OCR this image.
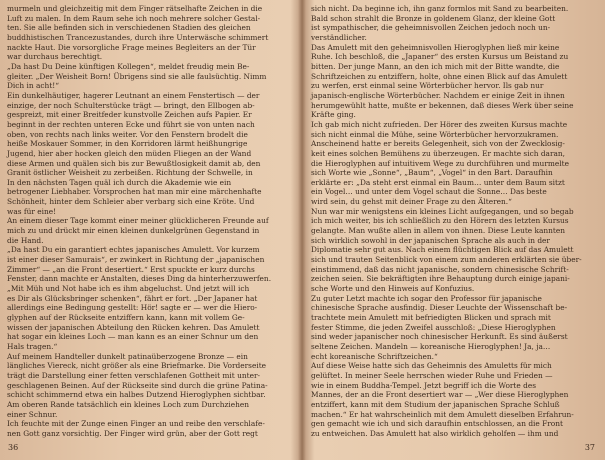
murmeln und gleichzeitig mit dem Finger rätselhafte Zeichen in die
Luft zu malen. In dem Raum sehe ich noch mehrere solcher Gestal-
ten. Sie alle befinden sich in verschiedenen Stadien des gleichen
buddhistischen Trancezustandes, durch ihre Unterwäsche schimmert
nackte Haut. Die vorsorgliche Frage meines Begleiters an der Tür
war durchaus berechtigt.
„Da hast Du Deine künftigen Kollegen“, meldet freudig mein Be-
gleiter. „Der Weisheit Born! Übrigens sind sie alle faulsüchtig. Nimm
Dich in acht!“
Ein dunkelhäutiger, hagerer Leutnant an einem Fenstertisch — der
einzige, der noch Schulterstücke trägt — bringt, den Ellbogen ab-
gespreizt, mit einer Breitfeder kunstvolle Zeichen aufs Papier. Er
beginnt in der rechten unteren Ecke und führt sie von unten nach
oben, von rechts nach links weiter. Vor den Fenstern brodelt die
heiße Moskauer Sommer, in den Korridoren lärmt heißhungrige
Jugend, hier aber hocken gleich den müden Fliegen an der Wand
diese Armen und quälen sich bis zur Bewußtlosigkeit damit ab, den
Granit östlicher Weisheit zu zerbeißen. Richtung der Schwelle, in
In den nächsten Tagen quäl ich durch die Akademie wie ein
betrogener Liebhaber. Vorsprochen hat man mir eine märchenhafte
Schönheit, hinter dem Schleier aber verbarg sich eine Kröte. Und
was für eine!
An einem dieser Tage kommt einer meiner glücklicheren Freunde auf
mich zu und drückt mir einen kleinen dunkelgrünen Gegenstand in
die Hand.
„Da hast Du ein garantiert echtes japanisches Amulett. Vor kurzem
ist einer dieser Samurais“, er zwinkert in Richtung der „japanischen
Zimmer“ — „an die Front desertiert.“ Erst spuckte er kurz durchs
Fenster, dann machte er Anstalten, dieses Ding da hinterherzuwerfen.
„Mit Müh und Not habe ich es ihm abgeluchst. Und jetzt will ich
es Dir als Glücksbringer schenken“, fährt er fort. „Der Japaner hat
allerdings eine Bedingung gestellt: Hör! sagte er — wer die Hiero-
glyphen auf der Rückseite entziffern kann, kann mit vollem Ge-
wissen der japanischen Abteilung den Rücken kehren. Das Amulett
hat sogar ein kleines Loch — man kann es an einer Schnur um den
Hals tragen.“
Auf meinem Handteller dunkelt patinaüberzogene Bronze — ein
längliches Viereck, nicht größer als eine Briefmarke. Die Vorderseite
trägt die Darstellung einer fetten verschlafenen Gottheit mit unter-
geschlagenen Beinen. Auf der Rückseite sind durch die grüne Patina-
schicht schimmernd etwa ein halbes Dutzend Hieroglyphen sichtbar.
Am oberen Rande tatsächlich ein kleines Loch zum Durchziehen
einer Schnur.
Ich feuchte mit der Zunge einen Finger an und reibe den verschlafe-
nen Gott ganz vorsichtig. Der Finger wird grün, aber der Gott regt
36
sich nicht. Da beginne ich, ihn ganz formlos mit Sand zu bearbeiten.
Bald schon strahlt die Bronze in goldenem Glanz, der kleine Gott
ist sympathischer, die geheimnisvollen Zeichen jedoch noch un-
verständlicher.
Das Amulett mit den geheimnisvollen Hieroglyphen ließ mir keine
Ruhe. Ich beschloß, die „Japaner“ des ersten Kursus um Beistand zu
bitten. Der junge Mann, an den ich mich mit der Bitte wandte, die
Schriftzeichen zu entziffern, holte, ohne einen Blick auf das Amulett
zu werfen, erst einmal seine Wörterbücher hervor. Ils gab nur
japanisch-englische Wörterbücher. Nachdem er einige Zeit in ihnen
herumgewühlt hatte, mußte er bekennen, daß dieses Werk über seine
Kräfte ging.
Ich gab mich nicht zufrieden. Der Hörer des zweiten Kursus machte
sich nicht einmal die Mühe, seine Wörterbücher hervorzukramen.
Anscheinend hatte er bereits Gelegenheit, sich von der Zwecklosig-
keit eines solchen Bemühens zu überzeugen. Er machte sich daran,
die Hieroglyphen auf intuitivem Wege zu durchführen und murmelte
sich Worte wie „Sonne“, „Baum“, „Vogel“ in den Bart. Daraufhin
erklärte er: „Da steht erst einmal ein Baum… unter dem Baum sitzt
ein Vogel… und unter dem Vogel schaut die Sonne… Das beste
wird sein, du gehst mit deiner Frage zu den Älteren.“
Nun war mir wenigstens ein kleines Licht aufgegangen, und so begab
ich mich weiter, bis ich schließlich zu den Hörern des letzten Kursus
gelangte. Man wußte allen in allem von ihnen. Diese Leute kannten
sich wirklich sowohl in der japanischen Sprache als auch in der
Diplomatie sehr gut aus. Nach einem flüchtigen Blick auf das Amulett
sich und trauten Seitenblick von einem zum anderen erklärten sie über-
einstimmend, daß das nicht japanische, sondern chinesische Schrift-
zeichen seien. Sie bekräftigten ihre Behauptung durch einige japani-
sche Worte und den Hinweis auf Konfuzius.
Zu guter Letzt machte ich sogar den Professor für japanische
chinesische Sprache ausfindig. Dieser Leuchte der Wissenschaft be-
trachtete mein Amulett mit befriedigten Blicken und sprach mit
fester Stimme, die jeden Zweifel ausschloß: „Diese Hieroglyphen
sind weder japanischer noch chinesischer Herkunft. Es sind äußerst
seltene Zeichen. Mandeln — koreanische Hieroglyphen! Ja, ja…
echt koreanische Schriftzeichen.“
Auf diese Weise hatte sich das Geheimnis des Amuletts für mich
gelüftet. In meiner Seele herrschen wieder Ruhe und Frieden —
wie in einem Buddha-Tempel. Jetzt begriff ich die Worte des
Mannes, der an die Front desertiert war — „Wer diese Hieroglyphen
entziffert, kann mit dem Studium der japanischen Sprache Schluß
machen.“ Er hat wahrscheinlich mit dem Amulett dieselben Erfahrun-
gen gemacht wie ich und sich daraufhin entschlossen, an die Front
zu entweichen. Das Amulett hat also wirklich geholfen — ihm und
37
